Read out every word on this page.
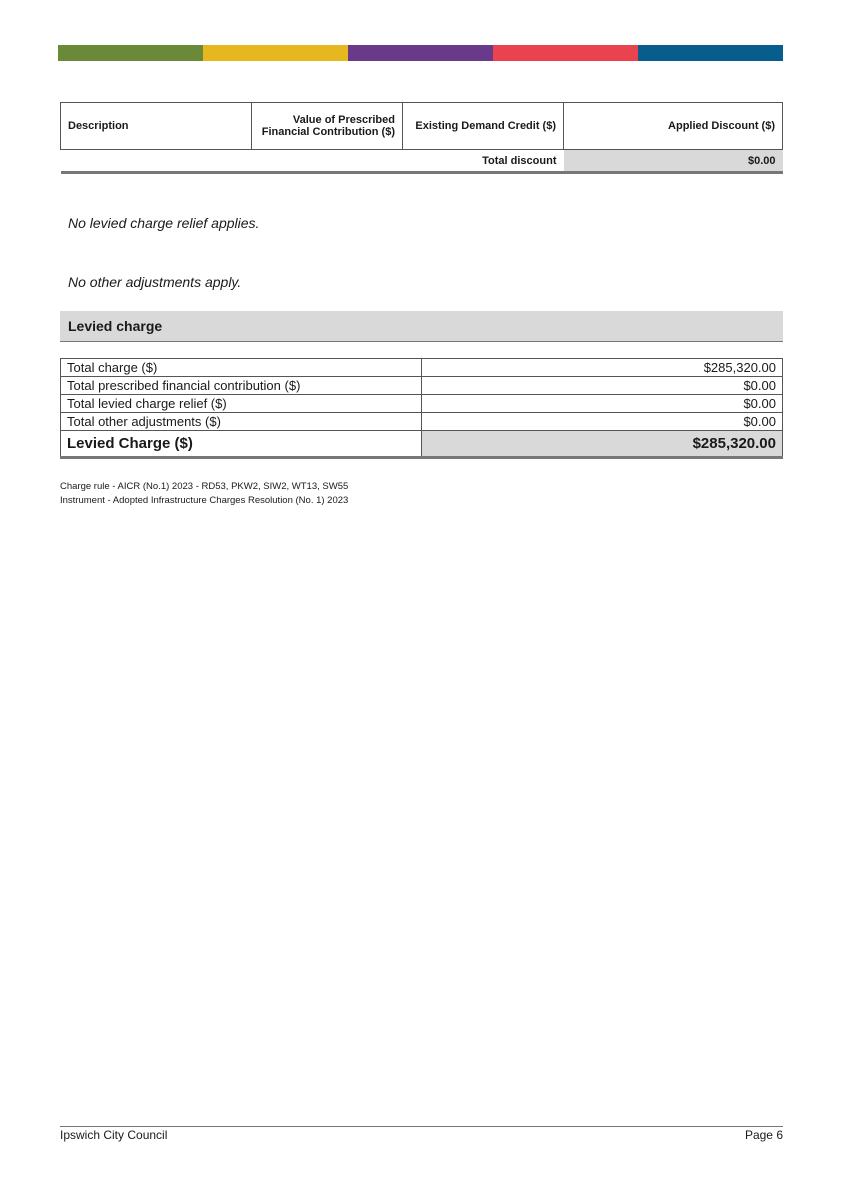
Description	Value of Prescribed Financial Contribution ($)	Existing Demand Credit ($)	Applied Discount ($)
Total discount			$0.00
No levied charge relief applies.
No other adjustments apply.
Levied charge
Total charge ($)	$285,320.00
Total prescribed financial contribution ($)	$0.00
Total levied charge relief ($)	$0.00
Total other adjustments ($)	$0.00
Levied Charge ($)	$285,320.00
Charge rule - AICR (No.1) 2023 - RD53, PKW2, SIW2, WT13, SW55
Instrument - Adopted Infrastructure Charges Resolution (No. 1) 2023
Ipswich City Council	Page 6
